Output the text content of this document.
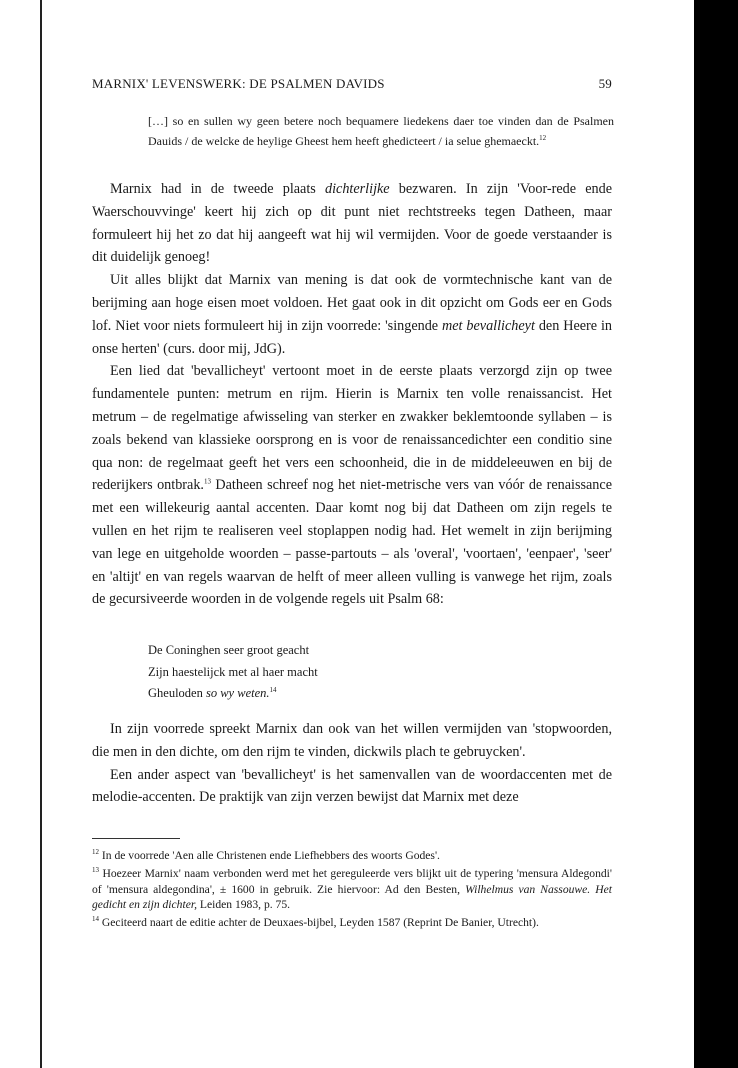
MARNIX' LEVENSWERK: DE PSALMEN DAVIDS	59
[…] so en sullen wy geen betere noch bequamere liedekens daer toe vinden dan de Psalmen Dauids / de welcke de heylige Gheest hem heeft ghedicteert / ia selue ghemaeckt.$^{12}$

Marnix had in de tweede plaats dichterlijke bezwaren. In zijn 'Voor-rede ende Waerschouvvinge' keert hij zich op dit punt niet rechtstreeks tegen Datheen, maar formuleert hij het zo dat hij aangeeft wat hij wil vermijden. Voor de goede verstaander is dit duidelijk genoeg!

Uit alles blijkt dat Marnix van mening is dat ook de vormtechnische kant van de berijming aan hoge eisen moet voldoen. Het gaat ook in dit opzicht om Gods eer en Gods lof. Niet voor niets formuleert hij in zijn voorrede: 'singende met bevallicheyt den Heere in onse herten' (curs. door mij, JdG).

Een lied dat 'bevallicheyt' vertoont moet in de eerste plaats verzorgd zijn op twee fundamentele punten: metrum en rijm. Hierin is Marnix ten volle renaissancist. Het metrum – de regelmatige afwisseling van sterker en zwakker beklemtoonde syllaben – is zoals bekend van klassieke oorsprong en is voor de renaissancedichter een conditio sine qua non: de regelmaat geeft het vers een schoonheid, die in de middeleeuwen en bij de rederijkers ontbrak.$^{13}$ Datheen schreef nog het niet-metrische vers van vóór de renaissance met een willekeurig aantal accenten. Daar komt nog bij dat Datheen om zijn regels te vullen en het rijm te realiseren veel stoplappen nodig had. Het wemelt in zijn berijming van lege en uitgeholde woorden – passe-partouts – als 'overal', 'voortaen', 'eenpaer', 'seer' en 'altijt' en van regels waarvan de helft of meer alleen vulling is vanwege het rijm, zoals de gecursiveerde woorden in de volgende regels uit Psalm 68:

De Coninghen seer groot geacht
Zijn haestelijck met al haer macht
Gheuloden so wy weten.$^{14}$

In zijn voorrede spreekt Marnix dan ook van het willen vermijden van 'stopwoorden, die men in den dichte, om den rijm te vinden, dickwils plach te gebruycken'.

Een ander aspect van 'bevallicheyt' is het samenvallen van de woordaccenten met de melodie-accenten. De praktijk van zijn verzen bewijst dat Marnix met deze

$^{12}$ In de voorrede 'Aen alle Christenen ende Liefhebbers des woorts Godes'.

$^{13}$ Hoezeer Marnix' naam verbonden werd met het gereguleerde vers blijkt uit de typering 'mensura Aldegondi' of 'mensura aldegondina', ± 1600 in gebruik. Zie hiervoor: Ad den Besten, Wilhelmus van Nassouwe. Het gedicht en zijn dichter, Leiden 1983, p. 75.

$^{14}$ Geciteerd naart de editie achter de Deuxaes-bijbel, Leyden 1587 (Reprint De Banier, Utrecht).
